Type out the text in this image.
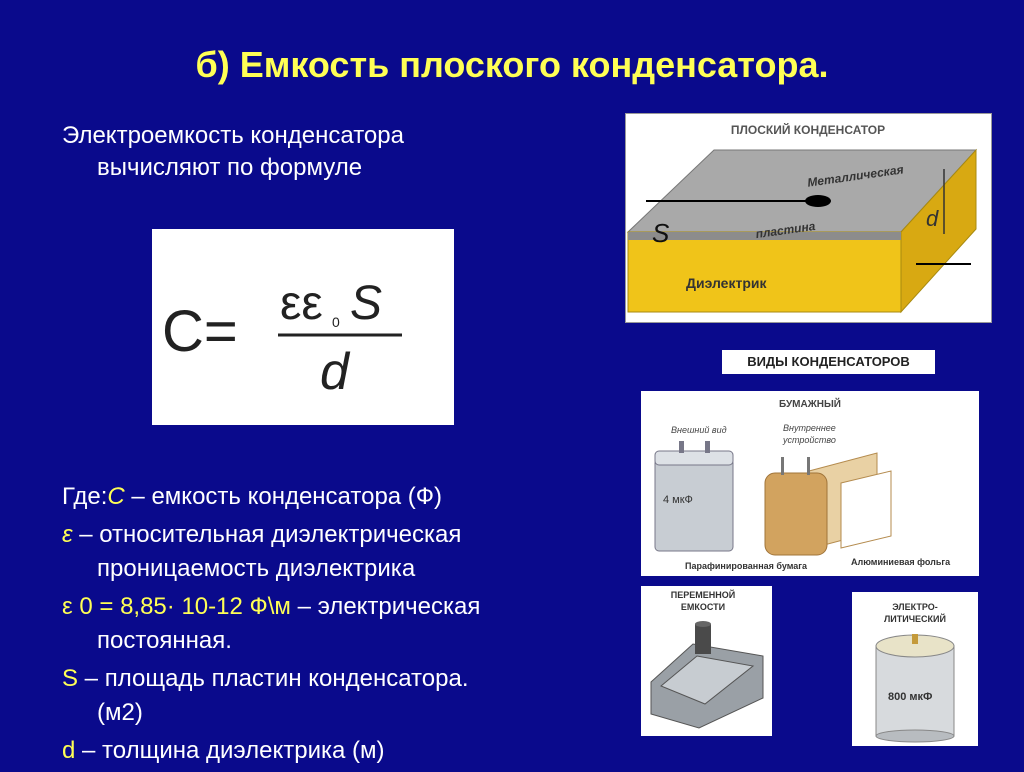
б) Емкость плоского конденсатора.
Электроемкость конденсатора
вычисляют по формуле
C= εε 0 S
d

Где:C – емкость конденсатора (Ф)

ε – относительная диэлектрическая
проницаемость диэлектрика

ε 0 = 8,85· 10-12 Ф\м – электрическая
постоянная.

S – площадь пластин конденсатора.
(м2)

d – толщина диэлектрика (м)

ПЛОСКИЙ КОНДЕНСАТОР
Металлическая
пластина
S	d
Диэлектрик
ВИДЫ КОНДЕНСАТОРОВ
БУМАЖНЫЙ
Внешний вид	Внутреннее
устройство
4 мкФ
Парафинированная бумага	Алюминиевая фольга
ПЕРЕМЕННОЙ
ЕМКОСТИ	ЭЛЕКТРО-
ЛИТИЧЕСКИЙ
800 мкФ
